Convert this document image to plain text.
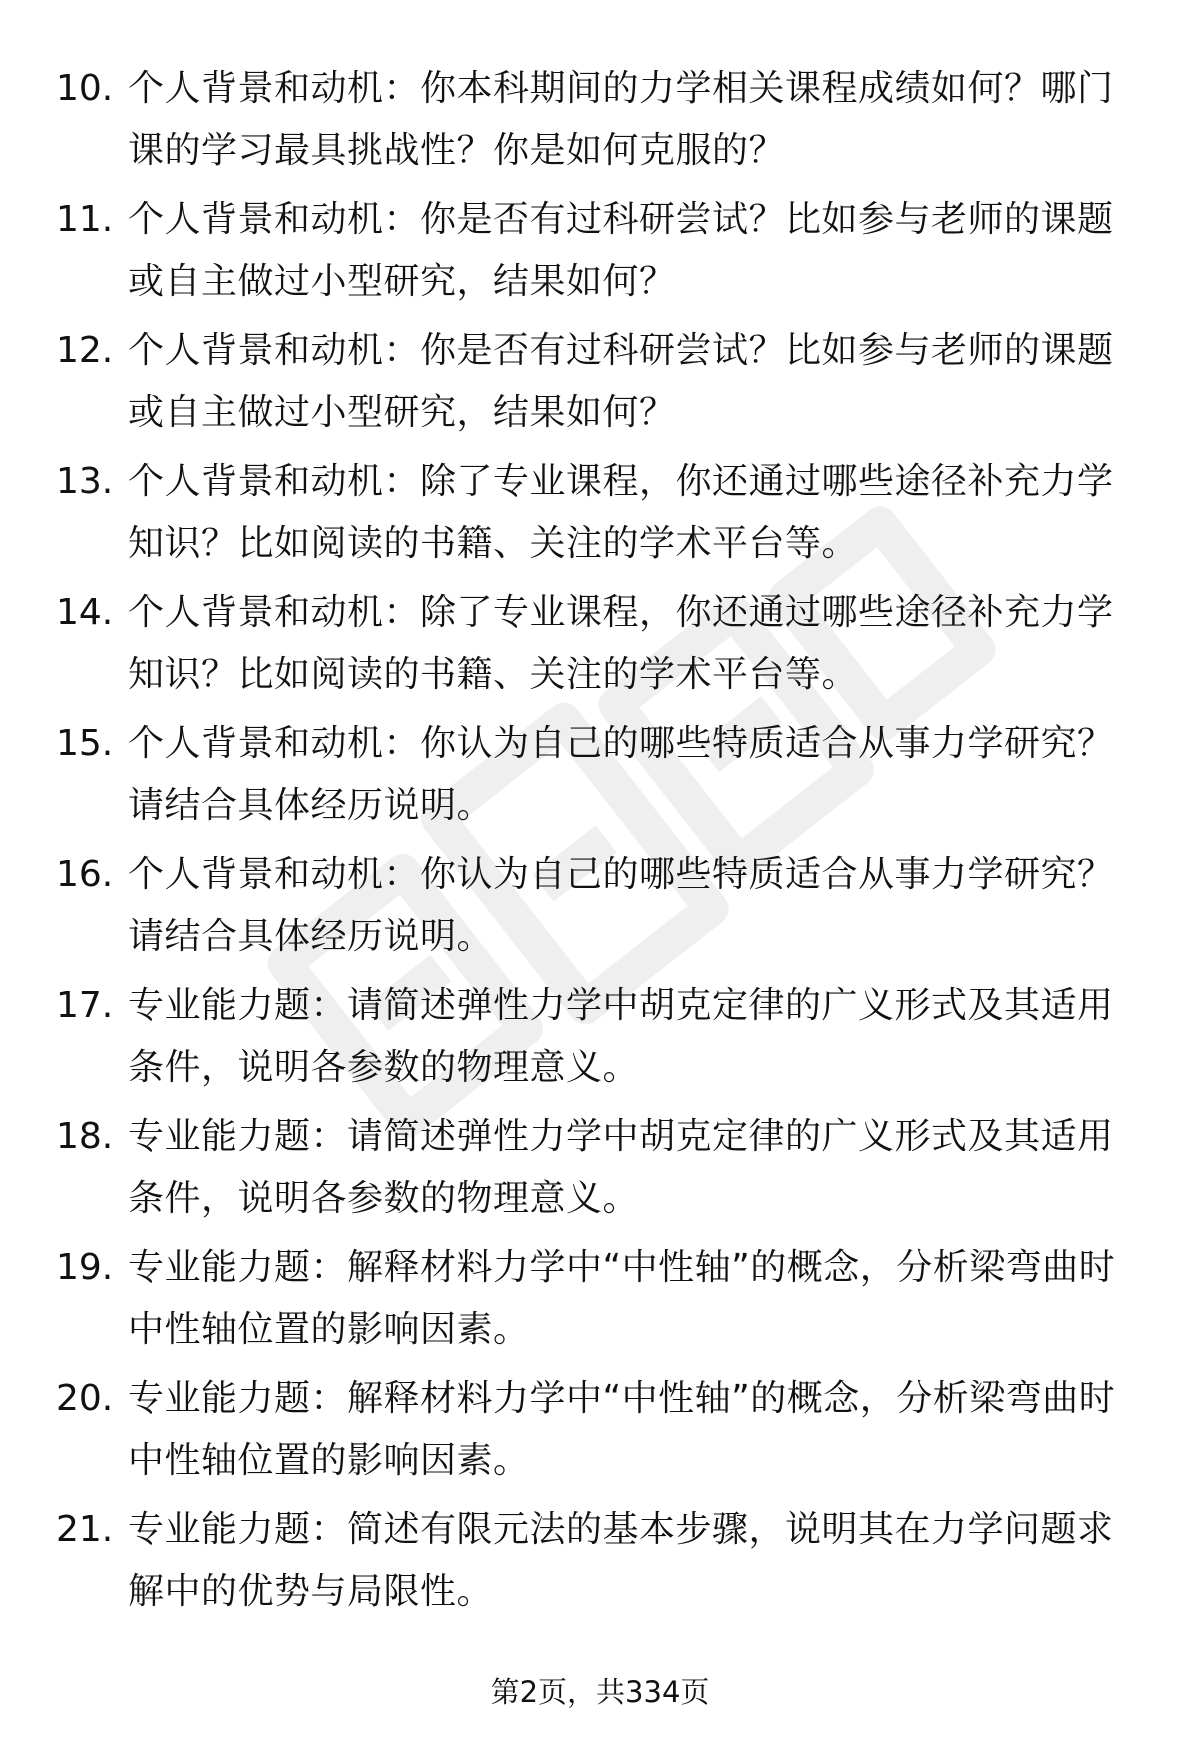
10. 个人背景和动机：你本科期间的力学相关课程成绩如何？哪门课的学习最具挑战性？你是如何克服的？
11. 个人背景和动机：你是否有过科研尝试？比如参与老师的课题或自主做过小型研究，结果如何？
12. 个人背景和动机：你是否有过科研尝试？比如参与老师的课题或自主做过小型研究，结果如何？
13. 个人背景和动机：除了专业课程，你还通过哪些途径补充力学知识？比如阅读的书籍、关注的学术平台等。
14. 个人背景和动机：除了专业课程，你还通过哪些途径补充力学知识？比如阅读的书籍、关注的学术平台等。
15. 个人背景和动机：你认为自己的哪些特质适合从事力学研究？请结合具体经历说明。
16. 个人背景和动机：你认为自己的哪些特质适合从事力学研究？请结合具体经历说明。
17. 专业能力题：请简述弹性力学中胡克定律的广义形式及其适用条件，说明各参数的物理意义。
18. 专业能力题：请简述弹性力学中胡克定律的广义形式及其适用条件，说明各参数的物理意义。
19. 专业能力题：解释材料力学中“中性轴”的概念，分析梁弯曲时中性轴位置的影响因素。
20. 专业能力题：解释材料力学中“中性轴”的概念，分析梁弯曲时中性轴位置的影响因素。
21. 专业能力题：简述有限元法的基本步骤，说明其在力学问题求解中的优势与局限性。
第2页，共334页
